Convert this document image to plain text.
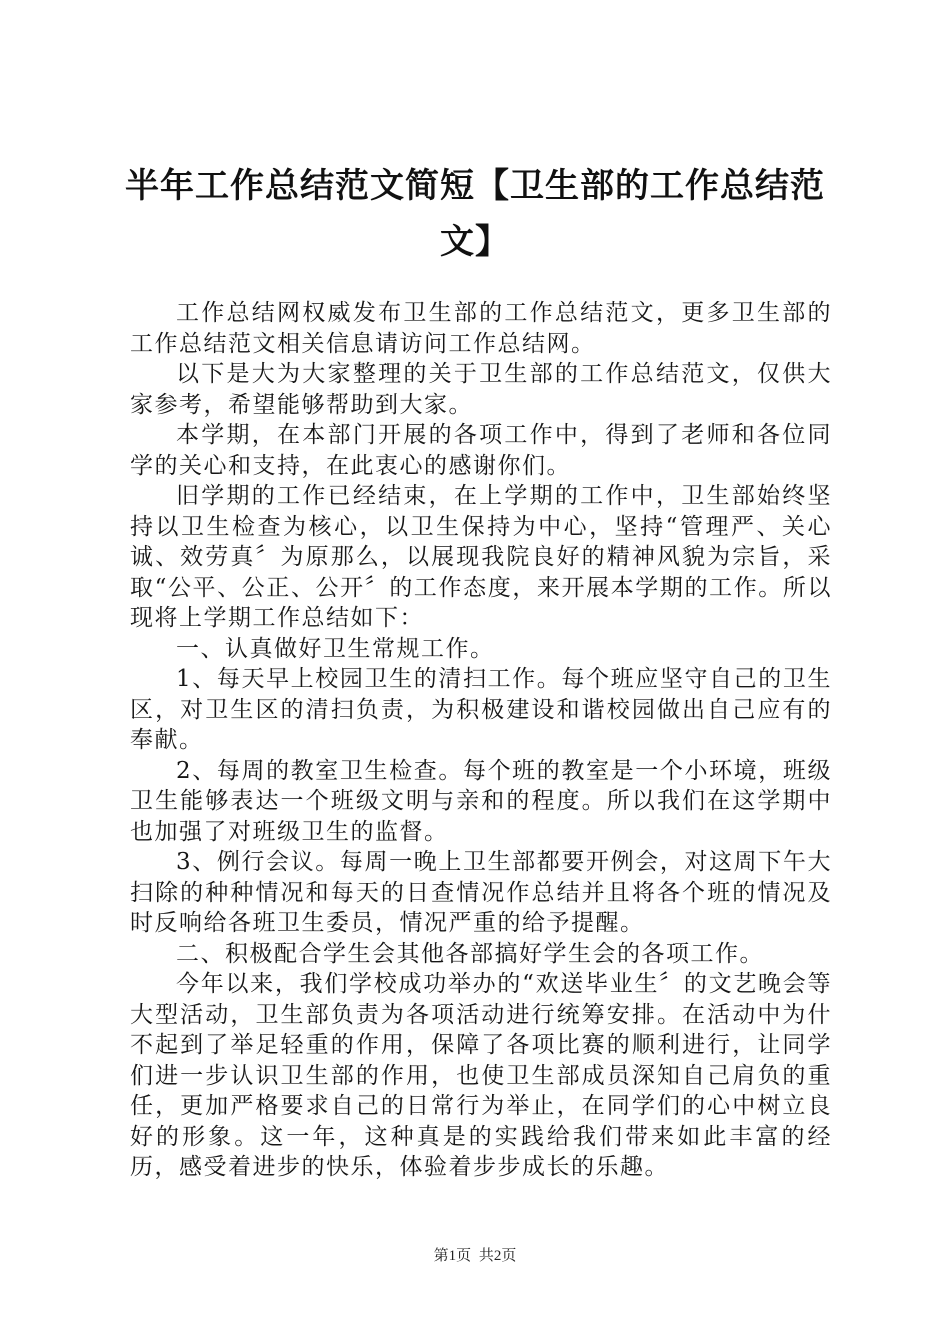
半年工作总结范文简短【卫生部的工作总结范文】

工作总结网权威发布卫生部的工作总结范文，更多卫生部的工作总结范文相关信息请访问工作总结网。

以下是大为大家整理的关于卫生部的工作总结范文，仅供大家参考，希望能够帮助到大家。

本学期，在本部门开展的各项工作中，得到了老师和各位同学的关心和支持，在此衷心的感谢你们。

旧学期的工作已经结束，在上学期的工作中，卫生部始终坚持以卫生检查为核心，以卫生保持为中心，坚持“管理严、关心诚、效劳真〞为原那么，以展现我院良好的精神风貌为宗旨，采取“公平、公正、公开〞的工作态度，来开展本学期的工作。所以现将上学期工作总结如下：

一、认真做好卫生常规工作。

1、每天早上校园卫生的清扫工作。每个班应坚守自己的卫生区，对卫生区的清扫负责，为积极建设和谐校园做出自己应有的奉献。

2、每周的教室卫生检查。每个班的教室是一个小环境，班级卫生能够表达一个班级文明与亲和的程度。所以我们在这学期中也加强了对班级卫生的监督。

3、例行会议。每周一晚上卫生部都要开例会，对这周下午大扫除的种种情况和每天的日查情况作总结并且将各个班的情况及时反响给各班卫生委员，情况严重的给予提醒。

二、积极配合学生会其他各部搞好学生会的各项工作。

今年以来，我们学校成功举办的“欢送毕业生〞的文艺晚会等大型活动，卫生部负责为各项活动进行统筹安排。在活动中为什不起到了举足轻重的作用，保障了各项比赛的顺利进行，让同学们进一步认识卫生部的作用，也使卫生部成员深知自己肩负的重任，更加严格要求自己的日常行为举止，在同学们的心中树立良好的形象。这一年，这种真是的实践给我们带来如此丰富的经历，感受着进步的快乐，体验着步步成长的乐趣。

第1页 共2页
